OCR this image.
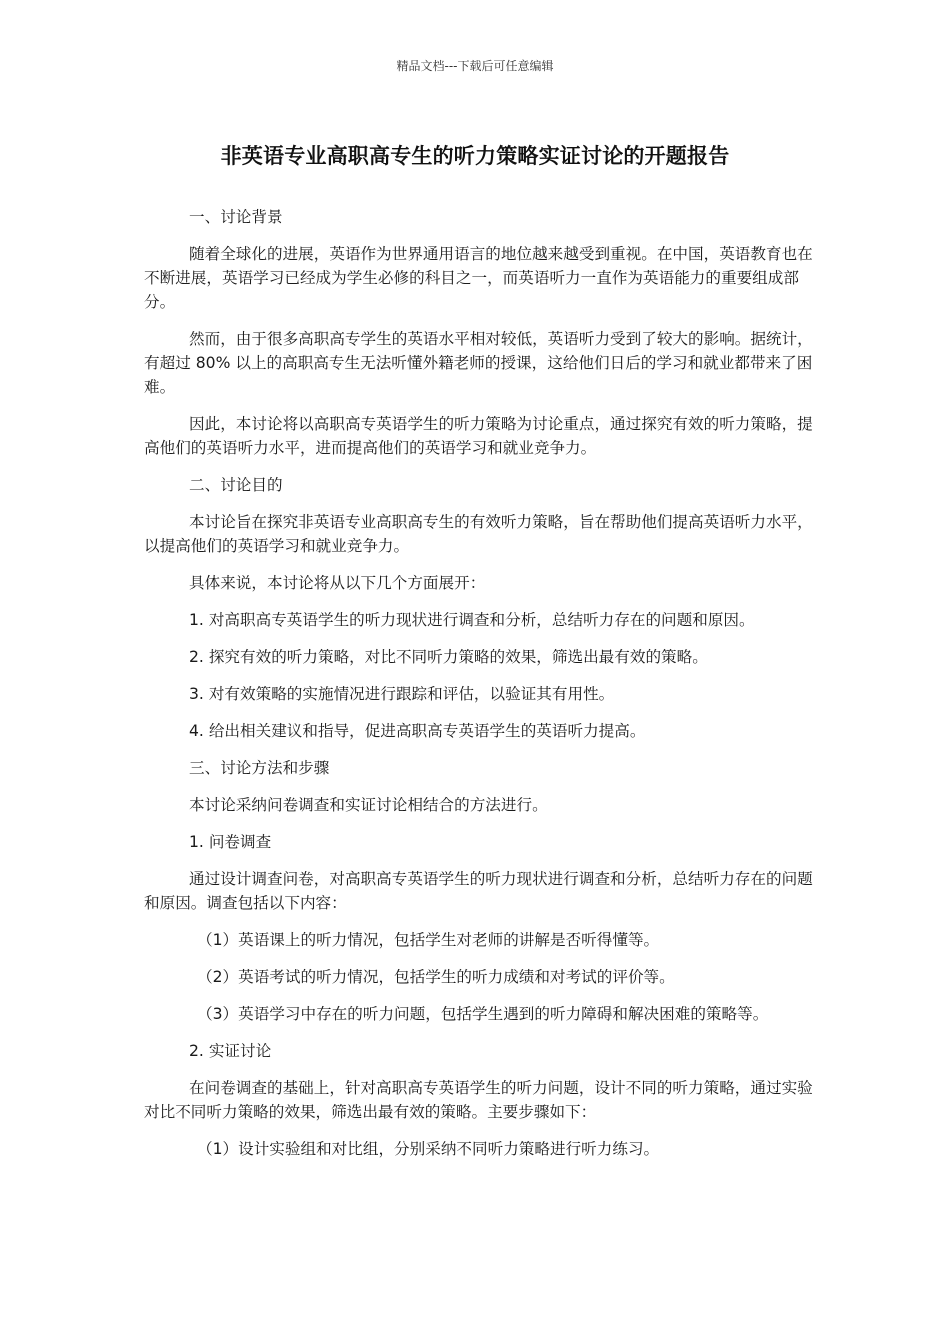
精品文档---下载后可任意编辑
非英语专业高职高专生的听力策略实证讨论的开题报告

一、讨论背景

随着全球化的进展，英语作为世界通用语言的地位越来越受到重视。在中国，英语教育也在不断进展，英语学习已经成为学生必修的科目之一，而英语听力一直作为英语能力的重要组成部分。

然而，由于很多高职高专学生的英语水平相对较低，英语听力受到了较大的影响。据统计，有超过 80% 以上的高职高专生无法听懂外籍老师的授课，这给他们日后的学习和就业都带来了困难。

因此，本讨论将以高职高专英语学生的听力策略为讨论重点，通过探究有效的听力策略，提高他们的英语听力水平，进而提高他们的英语学习和就业竞争力。

二、讨论目的

本讨论旨在探究非英语专业高职高专生的有效听力策略，旨在帮助他们提高英语听力水平，以提高他们的英语学习和就业竞争力。

具体来说，本讨论将从以下几个方面展开：

1. 对高职高专英语学生的听力现状进行调查和分析，总结听力存在的问题和原因。

2. 探究有效的听力策略，对比不同听力策略的效果，筛选出最有效的策略。

3. 对有效策略的实施情况进行跟踪和评估，以验证其有用性。

4. 给出相关建议和指导，促进高职高专英语学生的英语听力提高。

三、讨论方法和步骤

本讨论采纳问卷调查和实证讨论相结合的方法进行。

1. 问卷调查

通过设计调查问卷，对高职高专英语学生的听力现状进行调查和分析，总结听力存在的问题和原因。调查包括以下内容：

（1）英语课上的听力情况，包括学生对老师的讲解是否听得懂等。

（2）英语考试的听力情况，包括学生的听力成绩和对考试的评价等。

（3）英语学习中存在的听力问题，包括学生遇到的听力障碍和解决困难的策略等。

2. 实证讨论

在问卷调查的基础上，针对高职高专英语学生的听力问题，设计不同的听力策略，通过实验对比不同听力策略的效果，筛选出最有效的策略。主要步骤如下：

（1）设计实验组和对比组，分别采纳不同听力策略进行听力练习。
